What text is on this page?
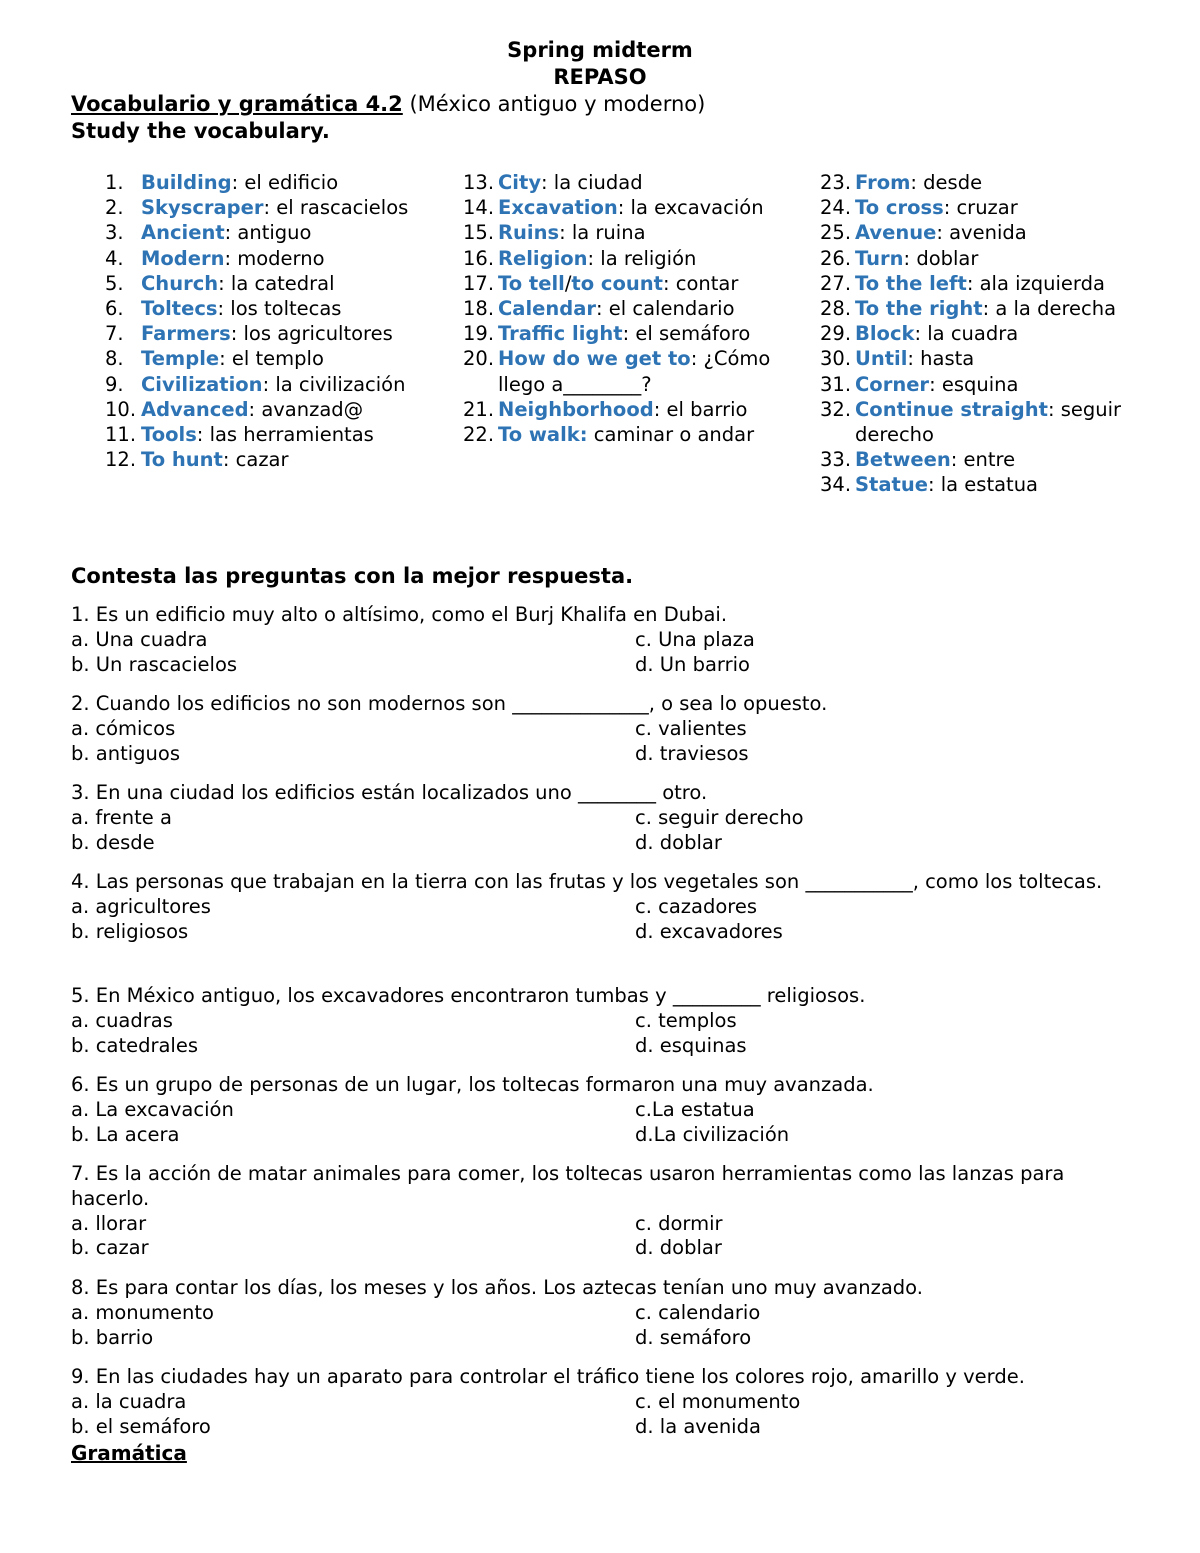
Spring midterm
REPASO
Vocabulario y gramática 4.2 (México antiguo y moderno)
Study the vocabulary.
1. Building: el edificio
2. Skyscraper: el rascacielos
3. Ancient: antiguo
4. Modern: moderno
5. Church: la catedral
6. Toltecs: los toltecas
7. Farmers: los agricultores
8. Temple: el templo
9. Civilization: la civilización
10. Advanced: avanzad@
11. Tools: las herramientas
12. To hunt: cazar
13. City: la ciudad
14. Excavation: la excavación
15. Ruins: la ruina
16. Religion: la religión
17. To tell/to count: contar
18. Calendar: el calendario
19. Traffic light: el semáforo
20. How do we get to: ¿Cómo llego a________?
21. Neighborhood: el barrio
22. To walk: caminar o andar
23. From: desde
24. To cross: cruzar
25. Avenue: avenida
26. Turn: doblar
27. To the left: ala izquierda
28. To the right: a la derecha
29. Block: la cuadra
30. Until: hasta
31. Corner: esquina
32. Continue straight: seguir derecho
33. Between: entre
34. Statue: la estatua
Contesta las preguntas con la mejor respuesta.
1. Es un edificio muy alto o altísimo, como el Burj Khalifa en Dubai.
a. Una cuadra	c. Una plaza
b. Un rascacielos	d. Un barrio
2. Cuando los edificios no son modernos son ______________, o sea lo opuesto.
a. cómicos	c. valientes
b. antiguos	d. traviesos
3. En una ciudad los edificios están localizados uno ________ otro.
a. frente a	c. seguir derecho
b. desde	d. doblar
4. Las personas que trabajan en la tierra con las frutas y los vegetales son ___________, como los toltecas.
a. agricultores	c. cazadores
b. religiosos	d. excavadores
5. En México antiguo, los excavadores encontraron tumbas y _________ religiosos.
a. cuadras	c. templos
b. catedrales	d. esquinas
6. Es un grupo de personas de un lugar, los toltecas formaron una muy avanzada.
a. La excavación	c.La estatua
b. La acera	d.La civilización
7. Es la acción de matar animales para comer, los toltecas usaron herramientas como las lanzas para hacerlo.
a. llorar	c. dormir
b. cazar	d. doblar
8. Es para contar los días, los meses y los años. Los aztecas tenían uno muy avanzado.
a. monumento	c. calendario
b. barrio	d. semáforo
9. En las ciudades hay un aparato para controlar el tráfico tiene los colores rojo, amarillo y verde.
a. la cuadra	c. el monumento
b. el semáforo	d. la avenida
Gramática
